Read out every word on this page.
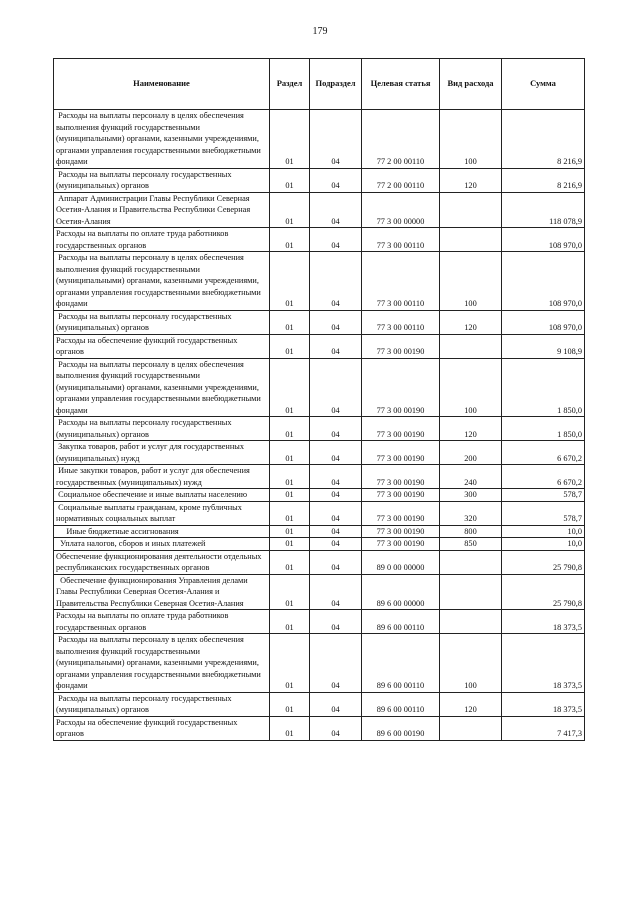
179
Наименование	Раздел	Подраздел	Целевая статья	Вид расхода	Сумма
Расходы на выплаты персоналу в целях обеспечения выполнения функций государственными (муниципальными) органами, казенными учреждениями, органами управления государственными внебюджетными фондами	01	04	77 2 00 00110	100	8 216,9
Расходы на выплаты персоналу государственных (муниципальных) органов	01	04	77 2 00 00110	120	8 216,9
Аппарат Администрации Главы Республики Северная Осетия-Алания и Правительства Республики Северная Осетия-Алания	01	04	77 3 00 00000		118 078,9
Расходы на выплаты по оплате труда работников государственных органов	01	04	77 3 00 00110		108 970,0
Расходы на выплаты персоналу в целях обеспечения выполнения функций государственными (муниципальными) органами, казенными учреждениями, органами управления государственными внебюджетными фондами	01	04	77 3 00 00110	100	108 970,0
Расходы на выплаты персоналу государственных (муниципальных) органов	01	04	77 3 00 00110	120	108 970,0
Расходы на обеспечение функций государственных органов	01	04	77 3 00 00190		9 108,9
Расходы на выплаты персоналу в целях обеспечения выполнения функций государственными (муниципальными) органами, казенными учреждениями, органами управления государственными внебюджетными фондами	01	04	77 3 00 00190	100	1 850,0
Расходы на выплаты персоналу государственных (муниципальных) органов	01	04	77 3 00 00190	120	1 850,0
Закупка товаров, работ и услуг для государственных (муниципальных) нужд	01	04	77 3 00 00190	200	6 670,2
Иные закупки товаров, работ и услуг для обеспечения государственных (муниципальных) нужд	01	04	77 3 00 00190	240	6 670,2
Социальное обеспечение и иные выплаты населению	01	04	77 3 00 00190	300	578,7
Социальные выплаты гражданам, кроме публичных нормативных социальных выплат	01	04	77 3 00 00190	320	578,7
Иные бюджетные ассигнования	01	04	77 3 00 00190	800	10,0
Уплата налогов, сборов и иных платежей	01	04	77 3 00 00190	850	10,0
Обеспечение функционирования деятельности отдельных республиканских государственных органов	01	04	89 0 00 00000		25 790,8
Обеспечение функционирования Управления делами Главы Республики Северная Осетия-Алания и Правительства Республики Северная Осетия-Алания	01	04	89 6 00 00000		25 790,8
Расходы на выплаты по оплате труда работников государственных органов	01	04	89 6 00 00110		18 373,5
Расходы на выплаты персоналу в целях обеспечения выполнения функций государственными (муниципальными) органами, казенными учреждениями, органами управления государственными внебюджетными фондами	01	04	89 6 00 00110	100	18 373,5
Расходы на выплаты персоналу государственных (муниципальных) органов	01	04	89 6 00 00110	120	18 373,5
Расходы на обеспечение функций государственных органов	01	04	89 6 00 00190		7 417,3
